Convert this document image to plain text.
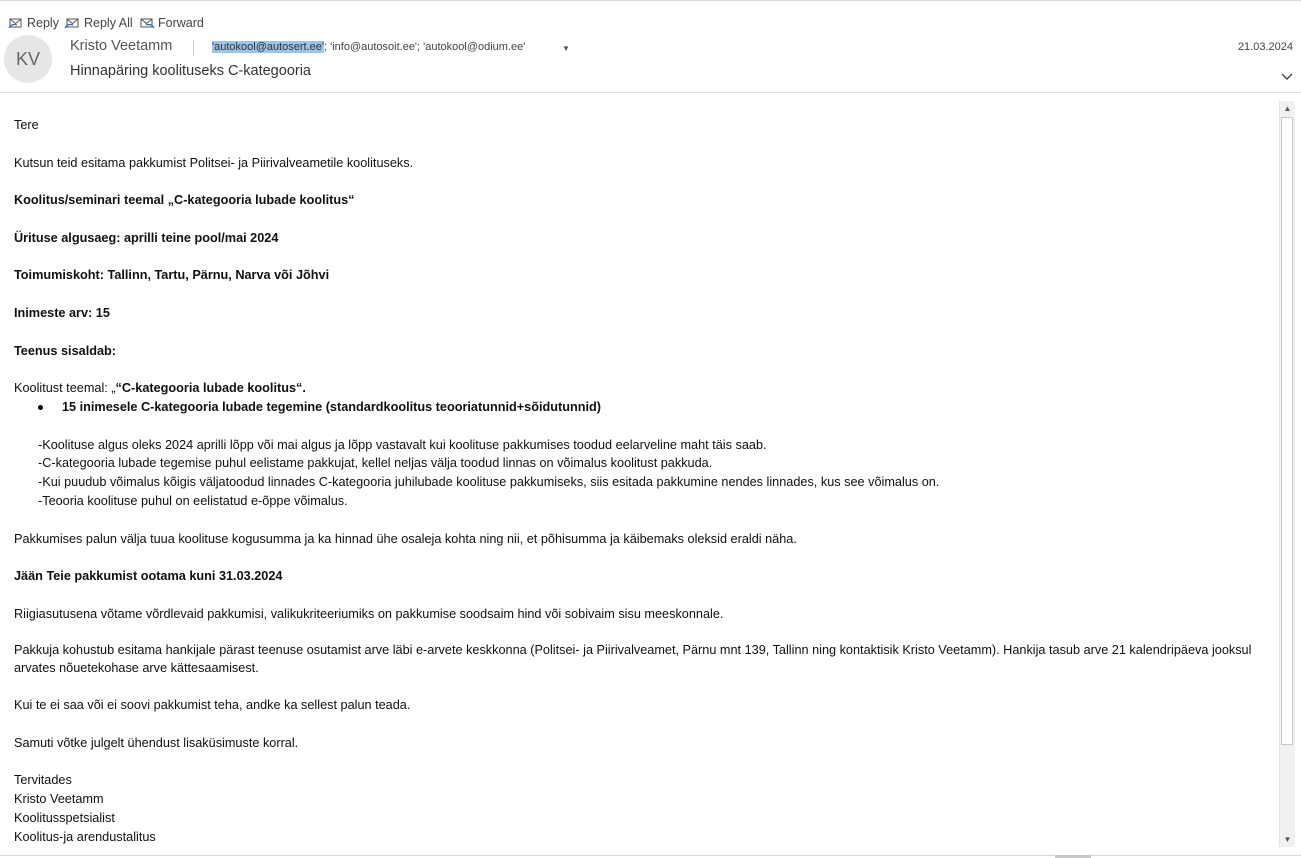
Reply Reply All Forward
KV
Kristo Veetamm	'autokool@autosert.ee'; 'info@autosoit.ee'; 'autokool@odium.ee'	▼	21.03.2024
Hinnapäring koolituseks C-kategooria

Tere

Kutsun teid esitama pakkumist Politsei- ja Piirivalveametile koolituseks.

Koolitus/seminari teemal „C-kategooria lubade koolitus“

Ürituse algusaeg: aprilli teine pool/mai 2024

Toimumiskoht: Tallinn, Tartu, Pärnu, Narva või Jõhvi

Inimeste arv: 15

Teenus sisaldab:

Koolitust teemal: „“C-kategooria lubade koolitus“.

15 inimesele C-kategooria lubade tegemine (standardkoolitus teooriatunnid+sõidutunnid)

-Koolituse algus oleks 2024 aprilli lõpp või mai algus ja lõpp vastavalt kui koolituse pakkumises toodud eelarveline maht täis saab.

-C-kategooria lubade tegemise puhul eelistame pakkujat, kellel neljas välja toodud linnas on võimalus koolitust pakkuda.

-Kui puudub võimalus kõigis väljatoodud linnades C-kategooria juhilubade koolituse pakkumiseks, siis esitada pakkumine nendes linnades, kus see võimalus on.

-Teooria koolituse puhul on eelistatud e-õppe võimalus.

Pakkumises palun välja tuua koolituse kogusumma ja ka hinnad ühe osaleja kohta ning nii, et põhisumma ja käibemaks oleksid eraldi näha.

Jään Teie pakkumist ootama kuni 31.03.2024

Riigiasutusena võtame võrdlevaid pakkumisi, valikukriteeriumiks on pakkumise soodsaim hind või sobivaim sisu meeskonnale.

Pakkuja kohustub esitama hankijale pärast teenuse osutamist arve läbi e-arvete keskkonna (Politsei- ja Piirivalveamet, Pärnu mnt 139, Tallinn ning kontaktisik Kristo Veetamm). Hankija tasub arve 21 kalendripäeva jooksul arvates nõuetekohase arve kättesaamisest.

Kui te ei saa või ei soovi pakkumist teha, andke ka sellest palun teada.

Samuti võtke julgelt ühendust lisaküsimuste korral.

Tervitades

Kristo Veetamm

Koolitusspetsialist

Koolitus-ja arendustalitus

▲
▼
